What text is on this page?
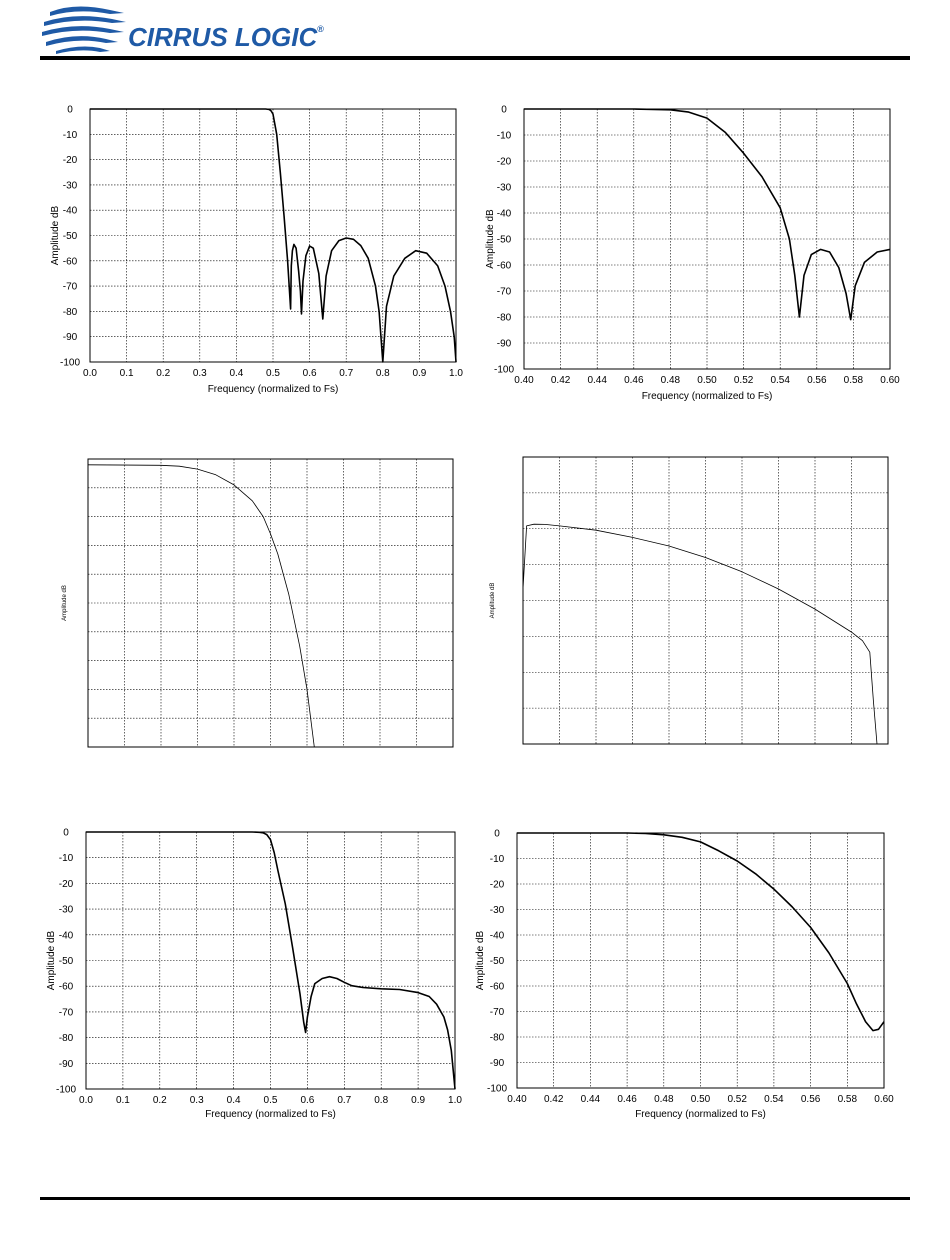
CIRRUS LOGIC®
0.0 0.1 0.2 0.3 0.4 0.5 0.6 0.7 0.8 0.9 1.0
0
-10
-20
-30
-40
-50
-60
-70
-80
-90
-100
Frequency (normalized to Fs)
Amplitude dB
0.40 0.42 0.44 0.46 0.48 0.50 0.52 0.54 0.56 0.58 0.60
0
-10
-20
-30
-40
-50
-60
-70
-80
-90
-100
Frequency (normalized to Fs)
Amplitude dB
Amplitude dB	Amplitude dB
0.0 0.1 0.2 0.3 0.4 0.5 0.6 0.7 0.8 0.9 1.0
0
-10
-20
-30
-40
-50
-60
-70
-80
-90
-100
Frequency (normalized to Fs)
Amplitude dB
0.40 0.42 0.44 0.46 0.48 0.50 0.52 0.54 0.56 0.58 0.60
0
-10
-20
-30
-40
-50
-60
-70
-80
-90
-100
Frequency (normalized to Fs)
Amplitude dB
